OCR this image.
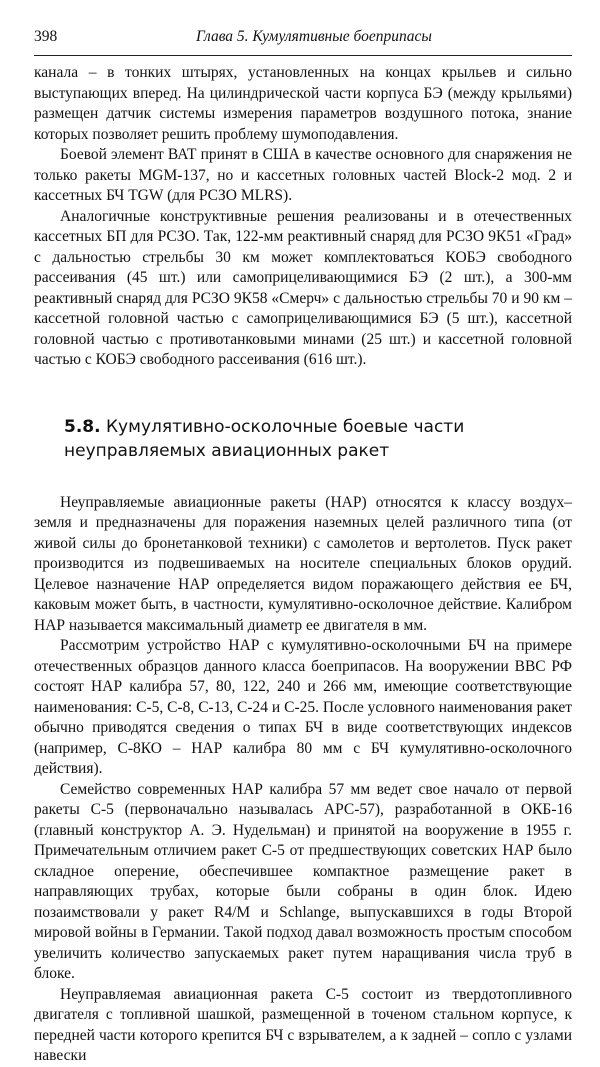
398	Глава 5. Кумулятивные боеприпасы

канала – в тонких штырях, установленных на концах крыльев и сильно выступающих вперед. На цилиндрической части корпуса БЭ (между крыльями) размещен датчик системы измерения параметров воздушного потока, знание которых позволяет решить проблему шумоподавления.

Боевой элемент ВАТ принят в США в качестве основного для снаряжения не только ракеты MGM-137, но и кассетных головных частей Block-2 мод. 2 и кассетных БЧ TGW (для РСЗО MLRS).

Аналогичные конструктивные решения реализованы и в отечественных кассетных БП для РСЗО. Так, 122-мм реактивный снаряд для РСЗО 9К51 «Град» с дальностью стрельбы 30 км может комплектоваться КОБЭ свободного рассеивания (45 шт.) или самоприцеливающимися БЭ (2 шт.), а 300-мм реактивный снаряд для РСЗО 9К58 «Смерч» с дальностью стрельбы 70 и 90 км – кассетной головной частью с самоприцеливающимися БЭ (5 шт.), кассетной головной частью с противотанковыми минами (25 шт.) и кассетной головной частью с КОБЭ свободного рассеивания (616 шт.).

5.8. Кумулятивно-осколочные боевые части
неуправляемых авиационных ракет

Неуправляемые авиационные ракеты (НАР) относятся к классу воздух–земля и предназначены для поражения наземных целей различного типа (от живой силы до бронетанковой техники) с самолетов и вертолетов. Пуск ракет производится из подвешиваемых на носителе специальных блоков орудий. Целевое назначение НАР определяется видом поражающего действия ее БЧ, каковым может быть, в частности, кумулятивно-осколочное действие. Калибром НАР называется максимальный диаметр ее двигателя в мм.

Рассмотрим устройство НАР с кумулятивно-осколочными БЧ на примере отечественных образцов данного класса боеприпасов. На вооружении ВВС РФ состоят НАР калибра 57, 80, 122, 240 и 266 мм, имеющие соответствующие наименования: С-5, С-8, С-13, С-24 и С-25. После условного наименования ракет обычно приводятся сведения о типах БЧ в виде соответствующих индексов (например, С-8КО – НАР калибра 80 мм с БЧ кумулятивно-осколочного действия).

Семейство современных НАР калибра 57 мм ведет свое начало от первой ракеты С-5 (первоначально называлась АРС-57), разработанной в ОКБ-16 (главный конструктор А. Э. Нудельман) и принятой на вооружение в 1955 г. Примечательным отличием ракет С-5 от предшествующих советских НАР было складное оперение, обеспечившее компактное размещение ракет в направляющих трубах, которые были собраны в один блок. Идею позаимствовали у ракет R4/M и Schlange, выпускавшихся в годы Второй мировой войны в Германии. Такой подход давал возможность простым способом увеличить количество запускаемых ракет путем наращивания числа труб в блоке.

Неуправляемая авиационная ракета С-5 состоит из твердотопливного двигателя с топливной шашкой, размещенной в точеном стальном корпусе, к передней части которого крепится БЧ с взрывателем, а к задней – сопло с узлами навески
